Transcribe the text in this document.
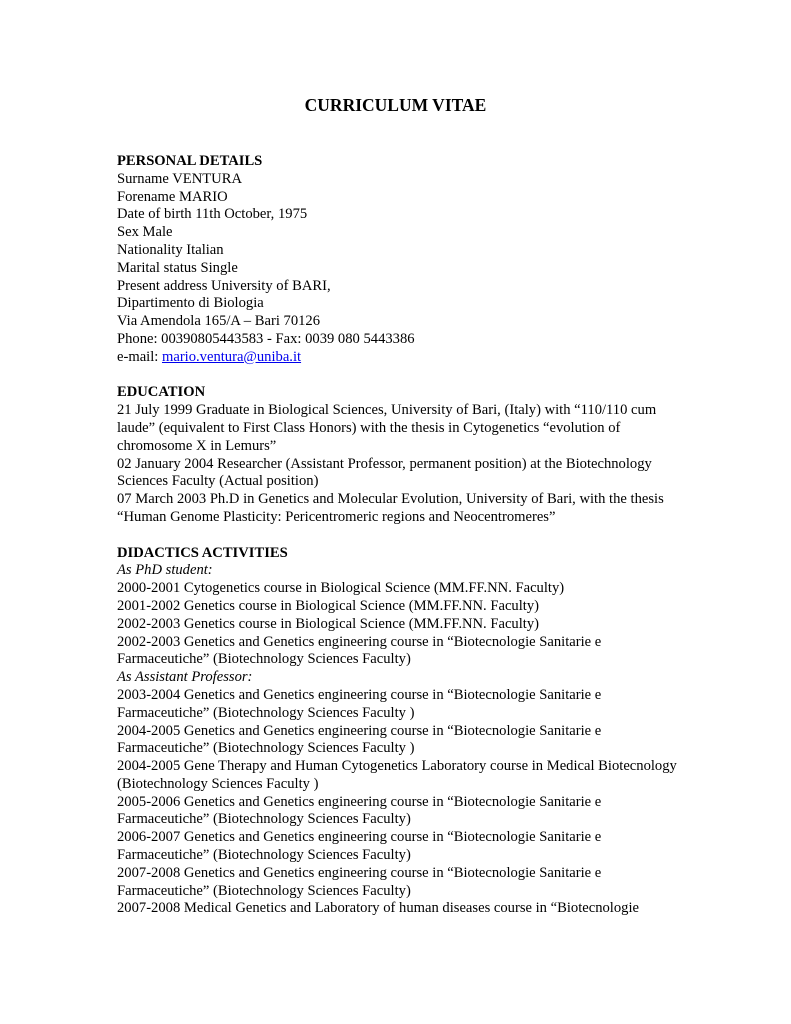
CURRICULUM VITAE

PERSONAL DETAILS

Surname VENTURA

Forename MARIO

Date of birth 11th October, 1975

Sex Male

Nationality Italian

Marital status Single

Present address University of BARI,

Dipartimento di Biologia

Via Amendola 165/A – Bari 70126

Phone: 00390805443583 - Fax: 0039 080 5443386

e-mail: mario.ventura@uniba.it

EDUCATION

21 July 1999 Graduate in Biological Sciences, University of Bari, (Italy) with “110/110 cum laude” (equivalent to First Class Honors) with the thesis in Cytogenetics “evolution of chromosome X in Lemurs”

02 January 2004 Researcher (Assistant Professor, permanent position) at the Biotechnology Sciences Faculty (Actual position)

07 March 2003 Ph.D in Genetics and Molecular Evolution, University of Bari, with the thesis “Human Genome Plasticity: Pericentromeric regions and Neocentromeres”

DIDACTICS ACTIVITIES

As PhD student:

2000-2001 Cytogenetics course in Biological Science (MM.FF.NN. Faculty)

2001-2002 Genetics course in Biological Science (MM.FF.NN. Faculty)

2002-2003 Genetics course in Biological Science (MM.FF.NN. Faculty)

2002-2003 Genetics and Genetics engineering course in “Biotecnologie Sanitarie e Farmaceutiche” (Biotechnology Sciences Faculty)

As Assistant Professor:

2003-2004 Genetics and Genetics engineering course in “Biotecnologie Sanitarie e Farmaceutiche” (Biotechnology Sciences Faculty )

2004-2005 Genetics and Genetics engineering course in “Biotecnologie Sanitarie e Farmaceutiche” (Biotechnology Sciences Faculty )

2004-2005 Gene Therapy and Human Cytogenetics Laboratory course in Medical Biotecnology (Biotechnology Sciences Faculty )

2005-2006 Genetics and Genetics engineering course in “Biotecnologie Sanitarie e Farmaceutiche” (Biotechnology Sciences Faculty)

2006-2007 Genetics and Genetics engineering course in “Biotecnologie Sanitarie e Farmaceutiche” (Biotechnology Sciences Faculty)

2007-2008 Genetics and Genetics engineering course in “Biotecnologie Sanitarie e Farmaceutiche” (Biotechnology Sciences Faculty)

2007-2008 Medical Genetics and Laboratory of human diseases course in “Biotecnologie
